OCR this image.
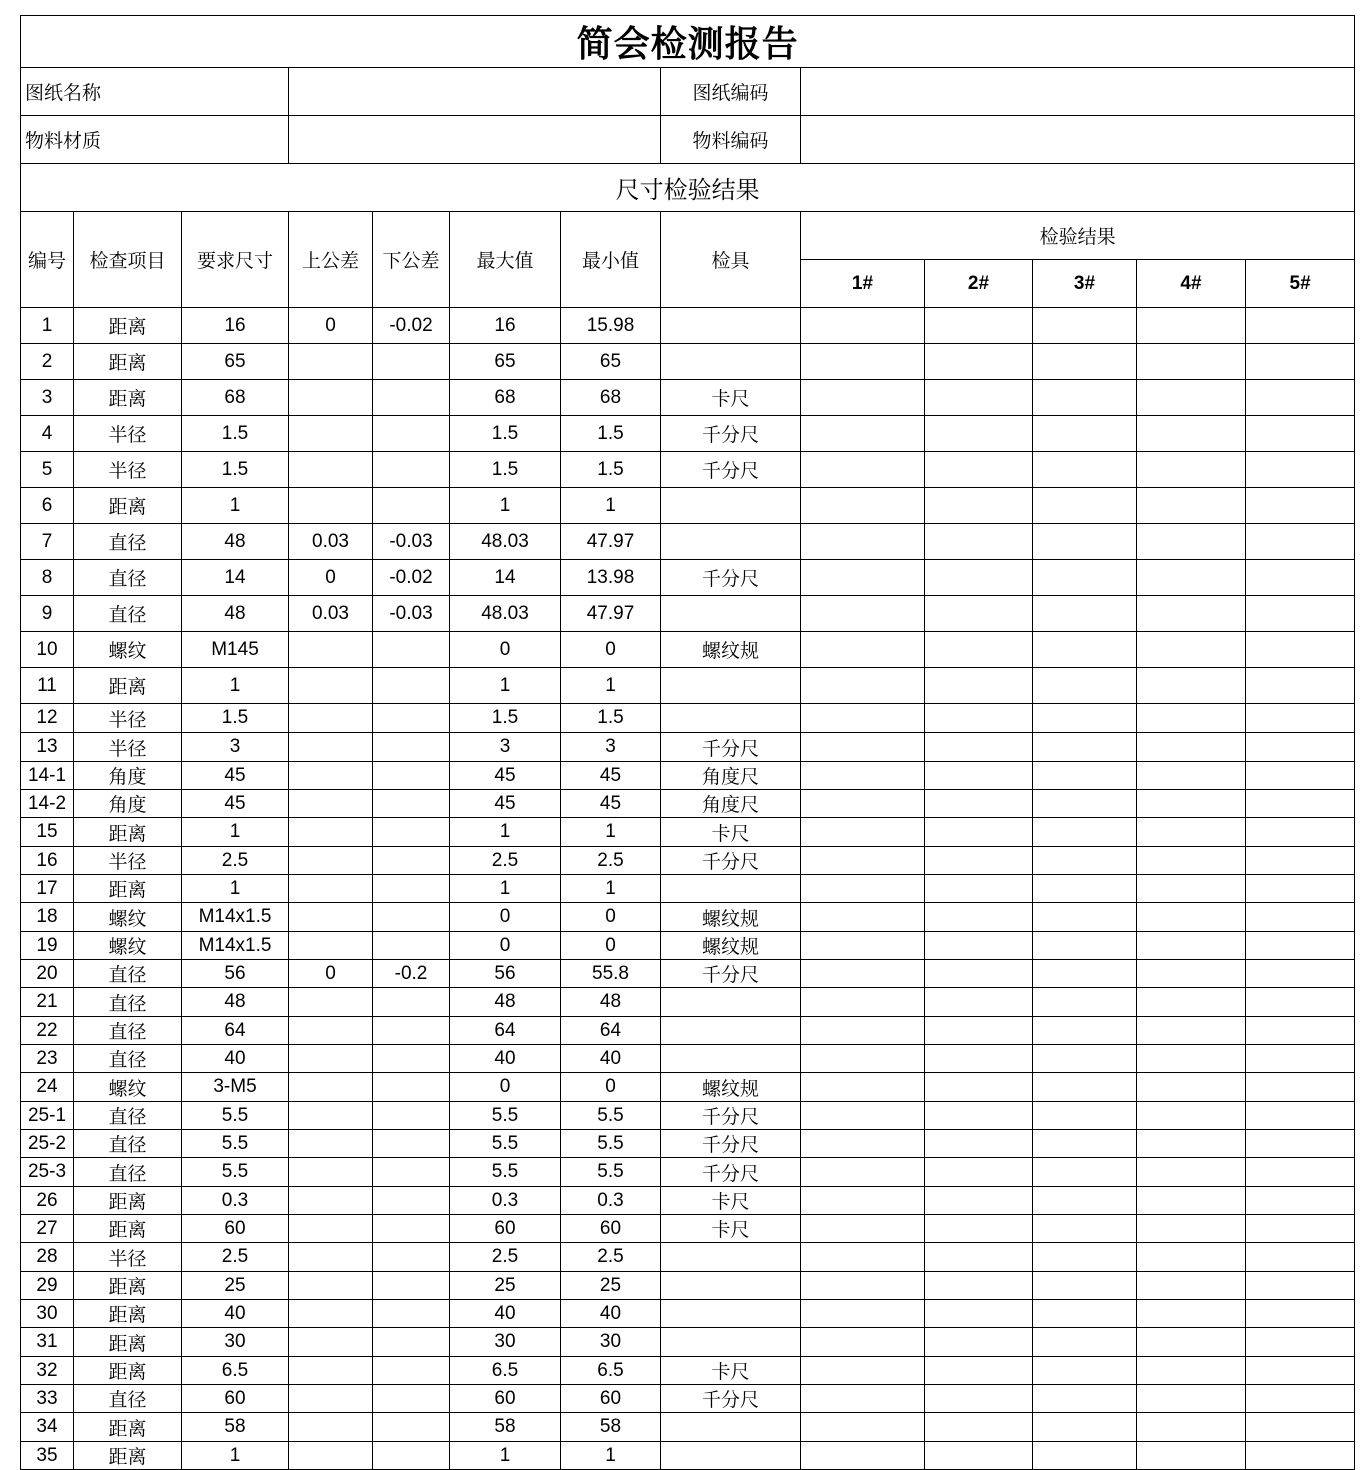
简会检测报告												
图纸名称							图纸编码					
物料材质							物料编码					
尺寸检验结果												
编号	检查项目	要求尺寸	上公差	下公差	最大值	最小值	检具	检验结果				
								1#	2#	3#	4#	5#
1	距离	16	0	-0.02	16	15.98						
2	距离	65			65	65						
3	距离	68			68	68	卡尺					
4	半径	1.5			1.5	1.5	千分尺					
5	半径	1.5			1.5	1.5	千分尺					
6	距离	1			1	1						
7	直径	48	0.03	-0.03	48.03	47.97						
8	直径	14	0	-0.02	14	13.98	千分尺					
9	直径	48	0.03	-0.03	48.03	47.97						
10	螺纹	M145			0	0	螺纹规					
11	距离	1			1	1						
12	半径	1.5			1.5	1.5						
13	半径	3			3	3	千分尺					
14-1	角度	45			45	45	角度尺					
14-2	角度	45			45	45	角度尺					
15	距离	1			1	1	卡尺					
16	半径	2.5			2.5	2.5	千分尺					
17	距离	1			1	1						
18	螺纹	M14x1.5			0	0	螺纹规					
19	螺纹	M14x1.5			0	0	螺纹规					
20	直径	56	0	-0.2	56	55.8	千分尺					
21	直径	48			48	48						
22	直径	64			64	64						
23	直径	40			40	40						
24	螺纹	3-M5			0	0	螺纹规					
25-1	直径	5.5			5.5	5.5	千分尺					
25-2	直径	5.5			5.5	5.5	千分尺					
25-3	直径	5.5			5.5	5.5	千分尺					
26	距离	0.3			0.3	0.3	卡尺					
27	距离	60			60	60	卡尺					
28	半径	2.5			2.5	2.5						
29	距离	25			25	25						
30	距离	40			40	40						
31	距离	30			30	30						
32	距离	6.5			6.5	6.5	卡尺					
33	直径	60			60	60	千分尺					
34	距离	58			58	58						
35	距离	1			1	1						
